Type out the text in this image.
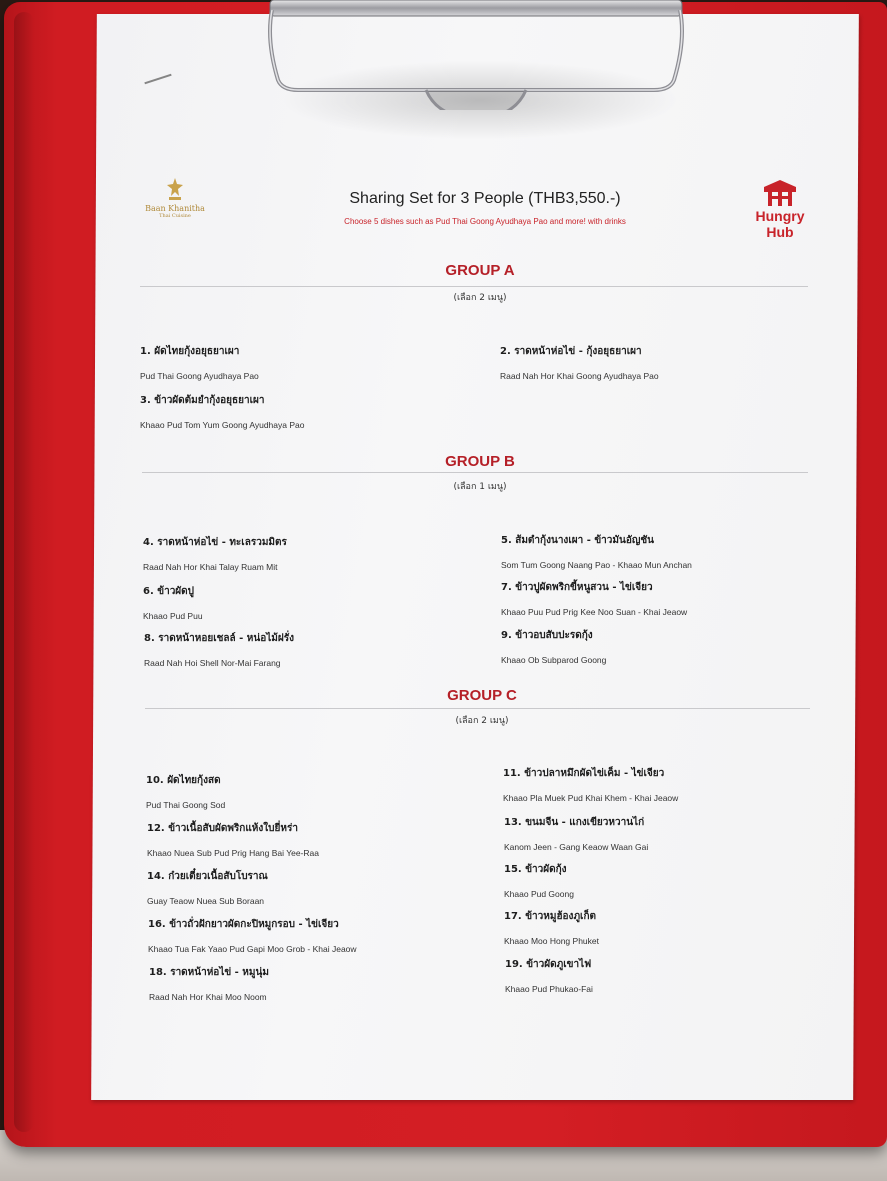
Baan Khanitha
Thai Cuisine	Hungry
Hub
Sharing Set for 3 People (THB3,550.-)
Choose 5 dishes such as Pud Thai Goong Ayudhaya Pao and more! with drinks
GROUP A
(เลือก 2 เมนู)
1. ผัดไทยกุ้งอยุธยาเผา
Pud Thai Goong Ayudhaya Pao
2. ราดหน้าห่อไข่ - กุ้งอยุธยาเผา
Raad Nah Hor Khai Goong Ayudhaya Pao
3. ข้าวผัดต้มยำกุ้งอยุธยาเผา
Khaao Pud Tom Yum Goong Ayudhaya Pao
GROUP B
(เลือก 1 เมนู)
4. ราดหน้าห่อไข่ - ทะเลรวมมิตร
Raad Nah Hor Khai Talay Ruam Mit
5. ส้มตำกุ้งนางเผา - ข้าวมันอัญชัน
Som Tum Goong Naang Pao - Khaao Mun Anchan
6. ข้าวผัดปู
Khaao Pud Puu
7. ข้าวปูผัดพริกขี้หนูสวน - ไข่เจียว
Khaao Puu Pud Prig Kee Noo Suan - Khai Jeaow
8. ราดหน้าหอยเชลล์ - หน่อไม้ฝรั่ง
Raad Nah Hoi Shell Nor-Mai Farang
9. ข้าวอบสับปะรดกุ้ง
Khaao Ob Subparod Goong
GROUP C
(เลือก 2 เมนู)
10. ผัดไทยกุ้งสด
Pud Thai Goong Sod
11. ข้าวปลาหมึกผัดไข่เค็ม - ไข่เจียว
Khaao Pla Muek Pud Khai Khem - Khai Jeaow
12. ข้าวเนื้อสับผัดพริกแห้งใบยี่หร่า
Khaao Nuea Sub Pud Prig Hang Bai Yee-Raa
13. ขนมจีน - แกงเขียวหวานไก่
Kanom Jeen - Gang Keaow Waan Gai
14. ก๋วยเตี๋ยวเนื้อสับโบราณ
Guay Teaow Nuea Sub Boraan
15. ข้าวผัดกุ้ง
Khaao Pud Goong
16. ข้าวถั่วฝักยาวผัดกะปิหมูกรอบ - ไข่เจียว
Khaao Tua Fak Yaao Pud Gapi Moo Grob - Khai Jeaow
17. ข้าวหมูฮ้องภูเก็ต
Khaao Moo Hong Phuket
18. ราดหน้าห่อไข่ - หมูนุ่ม
Raad Nah Hor Khai Moo Noom
19. ข้าวผัดภูเขาไฟ
Khaao Pud Phukao-Fai
